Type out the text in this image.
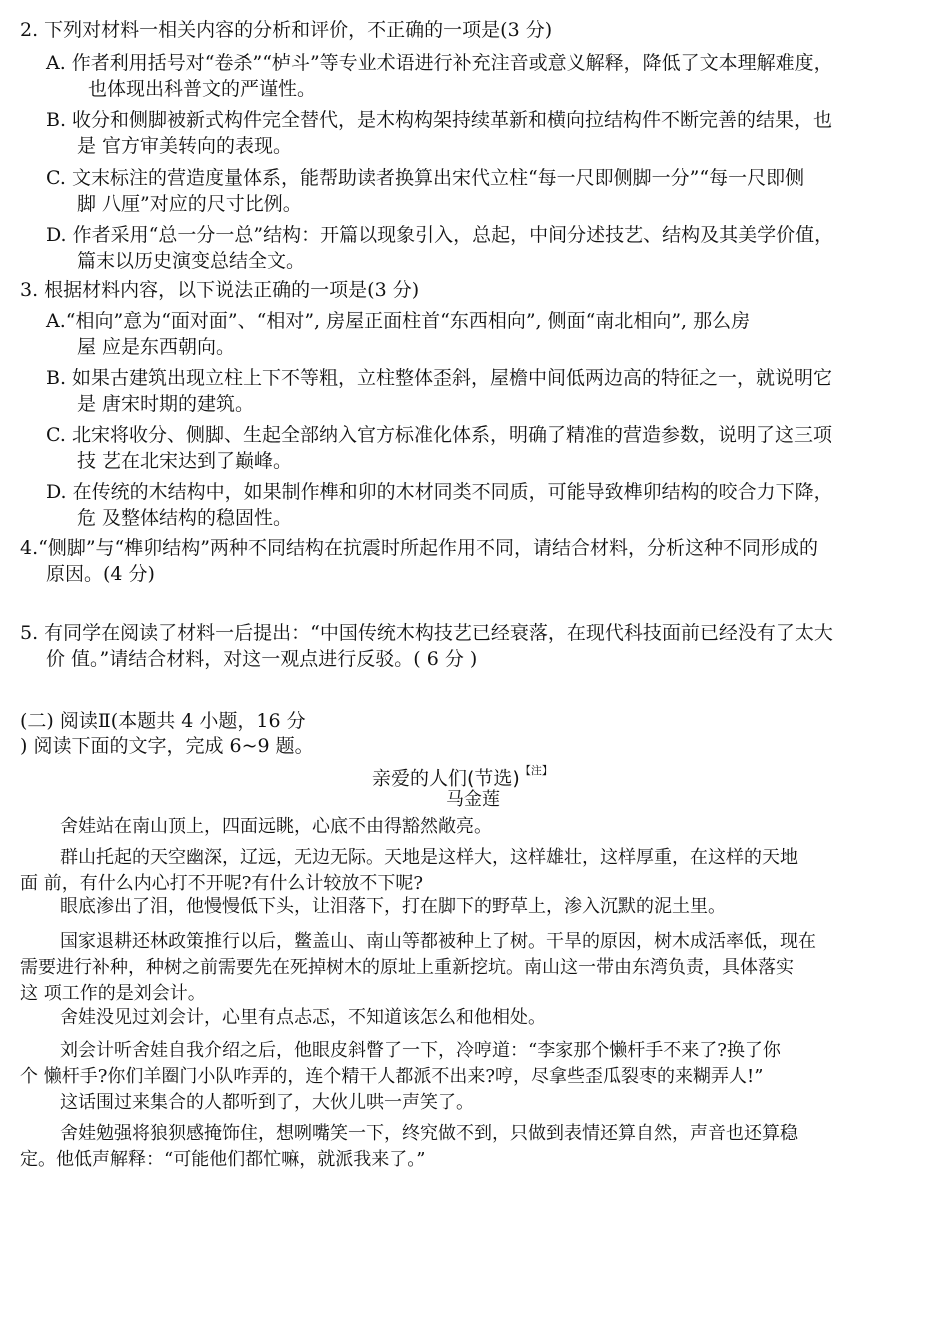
2. 下列对材料一相关内容的分析和评价，不正确的一项是(3 分)
A. 作者利用括号对“卷杀”“栌斗”等专业术语进行补充注音或意义解释，降低了文本理解难度，
也体现出科普文的严谨性。
B. 收分和侧脚被新式构件完全替代，是木构构架持续革新和横向拉结构件不断完善的结果，也
是 官方审美转向的表现。
C. 文末标注的营造度量体系，能帮助读者换算出宋代立柱“每一尺即侧脚一分”“每一尺即侧
脚 八厘”对应的尺寸比例。
D. 作者采用“总一分一总”结构：开篇以现象引入，总起，中间分述技艺、结构及其美学价值，
篇末以历史演变总结全文。
3. 根据材料内容，以下说法正确的一项是(3 分)
A.“相向”意为“面对面”、“相对”, 房屋正面柱首“东西相向”, 侧面“南北相向”, 那么房
屋 应是东西朝向。
B. 如果古建筑出现立柱上下不等粗，立柱整体歪斜，屋檐中间低两边高的特征之一，就说明它
是 唐宋时期的建筑。
C. 北宋将收分、侧脚、生起全部纳入官方标准化体系，明确了精准的营造参数，说明了这三项
技 艺在北宋达到了巅峰。
D. 在传统的木结构中，如果制作榫和卯的木材同类不同质，可能导致榫卯结构的咬合力下降，
危 及整体结构的稳固性。
4.“侧脚”与“榫卯结构”两种不同结构在抗震时所起作用不同，请结合材料，分析这种不同形成的
原因。(4 分)
5. 有同学在阅读了材料一后提出：“中国传统木构技艺已经衰落，在现代科技面前已经没有了太大
价 值。”请结合材料，对这一观点进行反驳。( 6 分 )
(二) 阅读Ⅱ(本题共 4 小题，16 分
) 阅读下面的文字，完成 6~9 题。
亲爱的人们(节选)$^{【注】}$
马金莲
舍娃站在南山顶上，四面远眺，心底不由得豁然敞亮。
群山托起的天空幽深，辽远，无边无际。天地是这样大，这样雄壮，这样厚重，在这样的天地
面 前，有什么内心打不开呢?有什么计较放不下呢?
眼底渗出了泪，他慢慢低下头，让泪落下，打在脚下的野草上，渗入沉默的泥土里。
国家退耕还林政策推行以后，鳖盖山、南山等都被种上了树。干旱的原因，树木成活率低，现在
需要进行补种，种树之前需要先在死掉树木的原址上重新挖坑。南山这一带由东湾负责，具体落实
这 项工作的是刘会计。
舍娃没见过刘会计，心里有点忐忑，不知道该怎么和他相处。
刘会计听舍娃自我介绍之后，他眼皮斜瞥了一下，冷哼道：“李家那个懒杆手不来了?换了你
个 懒杆手?你们羊圈门小队咋弄的，连个精干人都派不出来?哼，尽拿些歪瓜裂枣的来糊弄人!”
这话围过来集合的人都听到了，大伙儿哄一声笑了。
舍娃勉强将狼狈感掩饰住，想咧嘴笑一下，终究做不到，只做到表情还算自然，声音也还算稳
定。他低声解释：“可能他们都忙嘛，就派我来了。”
